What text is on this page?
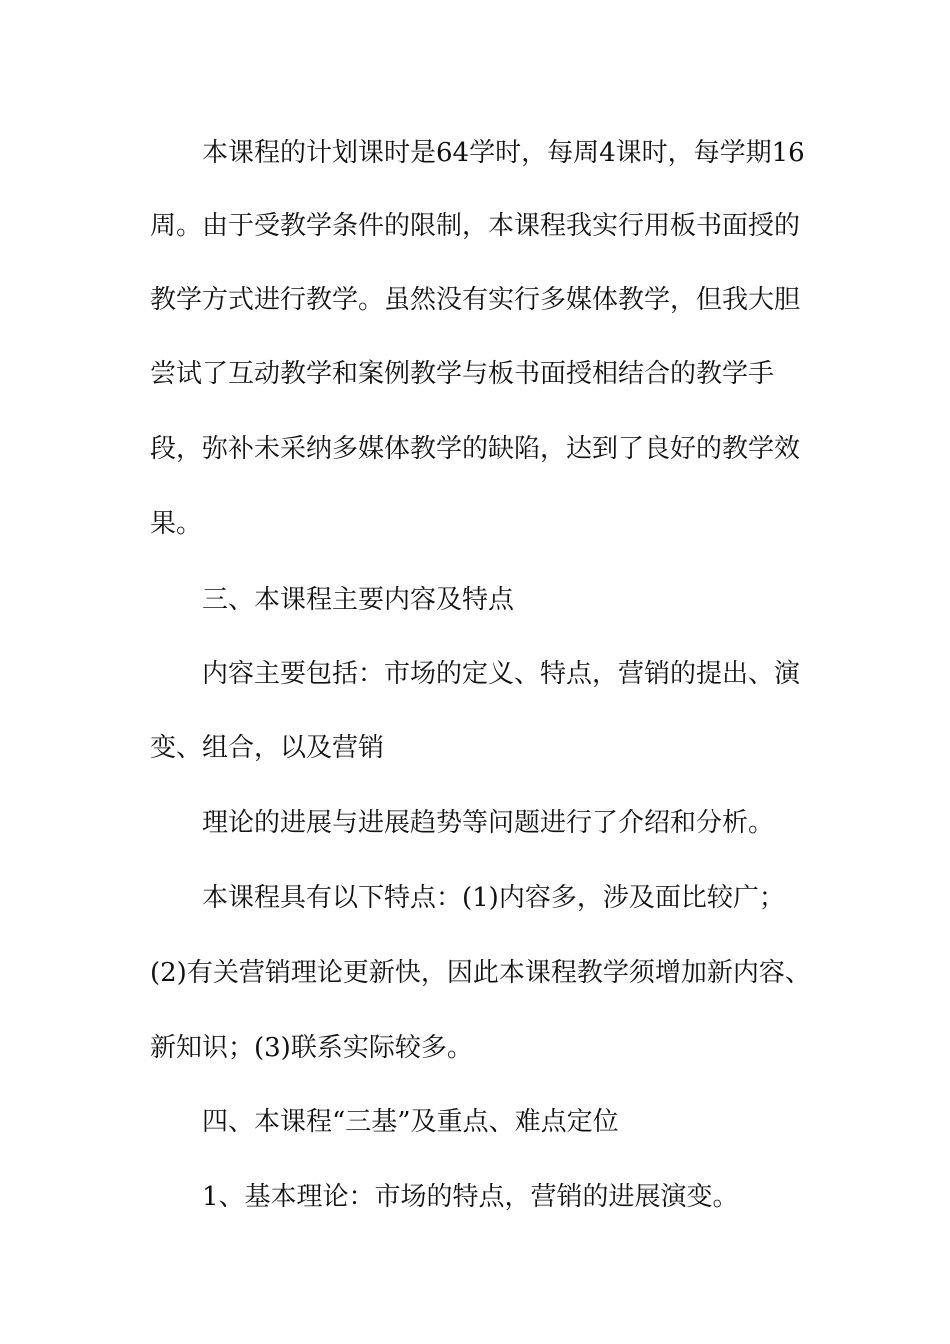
本课程的计划课时是64学时，每周4课时，每学期16
周。由于受教学条件的限制，本课程我实行用板书面授的
教学方式进行教学。虽然没有实行多媒体教学，但我大胆
尝试了互动教学和案例教学与板书面授相结合的教学手
段，弥补未采纳多媒体教学的缺陷，达到了良好的教学效
果。
三、本课程主要内容及特点
内容主要包括：市场的定义、特点，营销的提出、演
变、组合，以及营销
理论的进展与进展趋势等问题进行了介绍和分析。
本课程具有以下特点：(1)内容多，涉及面比较广；
(2)有关营销理论更新快，因此本课程教学须增加新内容、
新知识；(3)联系实际较多。
四、本课程“三基”及重点、难点定位
1、基本理论：市场的特点，营销的进展演变。
